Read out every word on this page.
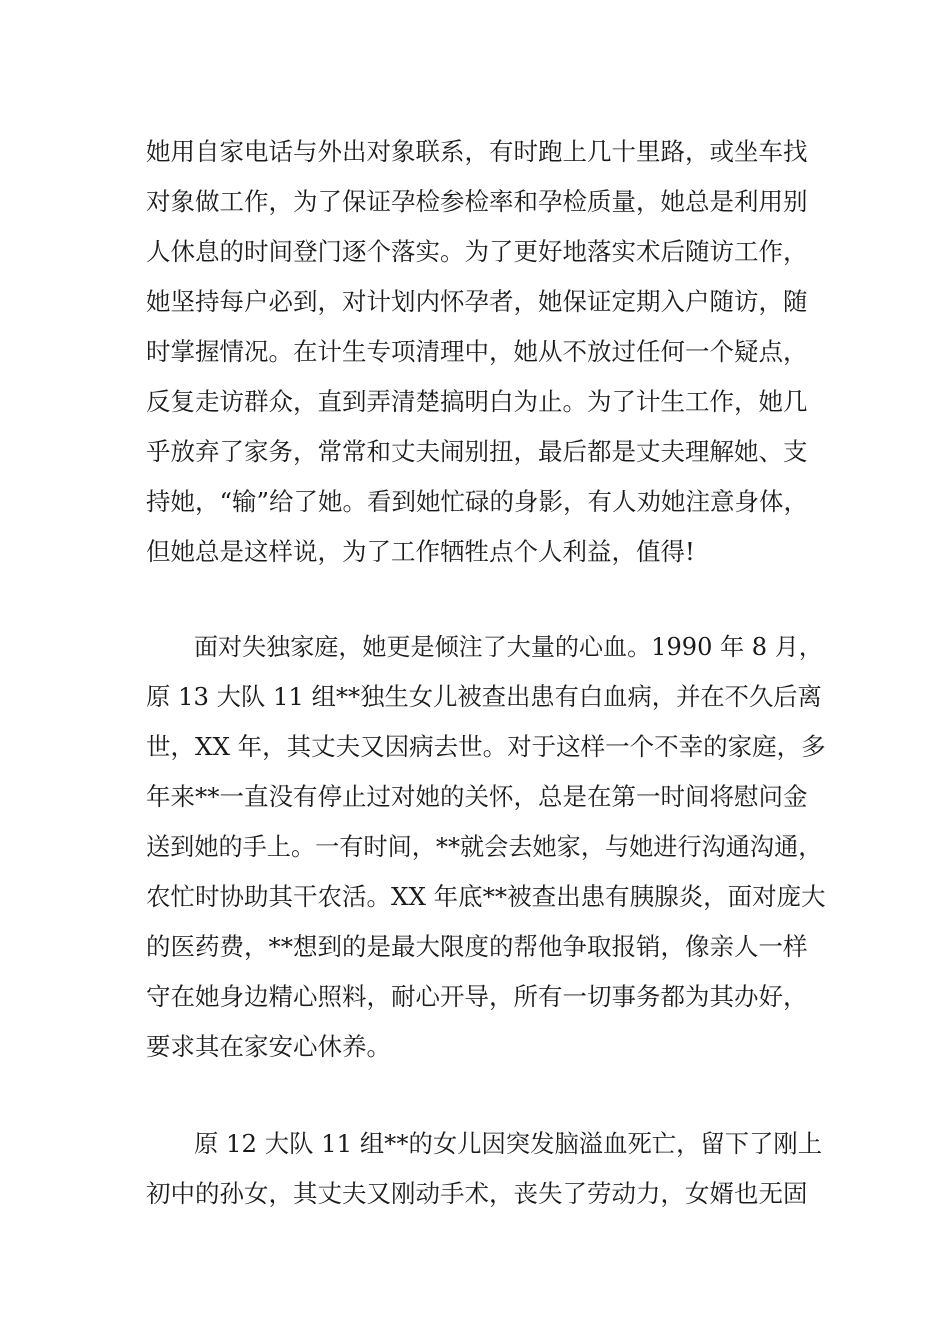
她用自家电话与外出对象联系，有时跑上几十里路，或坐车找
对象做工作，为了保证孕检参检率和孕检质量，她总是利用别
人休息的时间登门逐个落实。为了更好地落实术后随访工作，
她坚持每户必到，对计划内怀孕者，她保证定期入户随访，随
时掌握情况。在计生专项清理中，她从不放过任何一个疑点，
反复走访群众，直到弄清楚搞明白为止。为了计生工作，她几
乎放弃了家务，常常和丈夫闹别扭，最后都是丈夫理解她、支
持她，“输”给了她。看到她忙碌的身影，有人劝她注意身体，
但她总是这样说，为了工作牺牲点个人利益，值得!
面对失独家庭，她更是倾注了大量的心血。1990 年 8 月，
原 13 大队 11 组**独生女儿被查出患有白血病，并在不久后离
世，XX 年，其丈夫又因病去世。对于这样一个不幸的家庭，多
年来**一直没有停止过对她的关怀，总是在第一时间将慰问金
送到她的手上。一有时间，**就会去她家，与她进行沟通沟通，
农忙时协助其干农活。XX 年底**被查出患有胰腺炎，面对庞大
的医药费，**想到的是最大限度的帮他争取报销，像亲人一样
守在她身边精心照料，耐心开导，所有一切事务都为其办好，
要求其在家安心休养。
原 12 大队 11 组**的女儿因突发脑溢血死亡，留下了刚上
初中的孙女，其丈夫又刚动手术，丧失了劳动力，女婿也无固
